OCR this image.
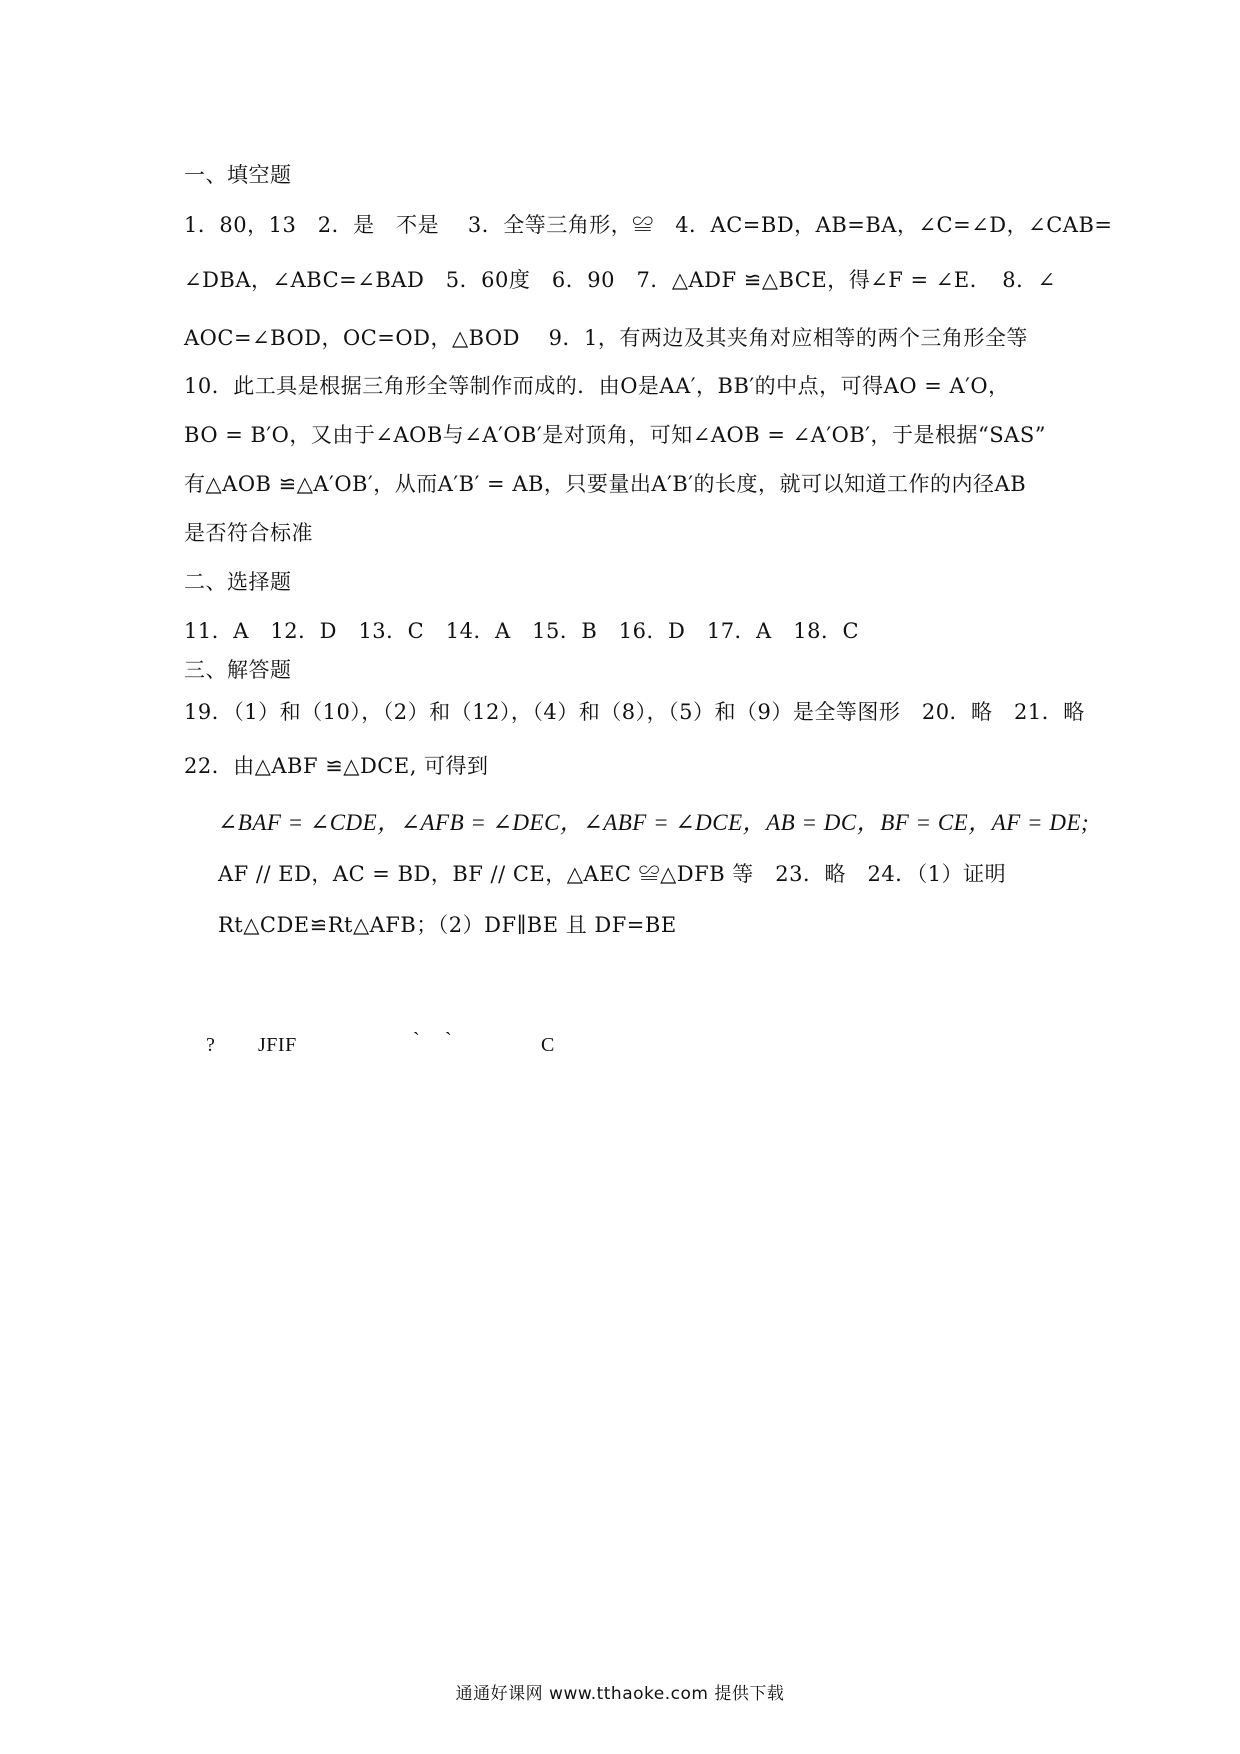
一、填空题
1．80，13　2．是　不是　 3．全等三角形，≌　4．AC=BD，AB=BA，∠C=∠D，∠CAB=
∠DBA，∠ABC=∠BAD　5．60度　6．90　7．△ADF ≌△BCE，得∠F = ∠E．　8．∠
AOC=∠BOD，OC=OD，△BOD　 9．1，有两边及其夹角对应相等的两个三角形全等
10．此工具是根据三角形全等制作而成的．由O是AA′，BB′的中点，可得AO = A′O，
BO = B′O，又由于∠AOB与∠A′OB′是对顶角，可知∠AOB = ∠A′OB′，于是根据“SAS”
有△AOB ≌△A′OB′，从而A′B′ = AB，只要量出A′B′的长度，就可以知道工作的内径AB
是否符合标准
二、选择题
11．A　12．D　13．C　14．A　15．B　16．D　17．A　18．C
三、解答题
19．（1）和（10），（2）和（12），（4）和（8），（5）和（9）是全等图形　20．略　21．略
22．由△ABF ≌△DCE, 可得到
∠BAF = ∠CDE，∠AFB = ∠DEC，∠ABF = ∠DCE，AB = DC，BF = CE，AF = DE;
AF // ED，AC = BD，BF // CE，△AEC ≌△DFB 等　23．略　24．（1）证明
Rt△CDE≌Rt△AFB；（2）DF∥BE 且 DF=BE
? JFIF	` `	C
通通好课网 www.tthaoke.com 提供下载
